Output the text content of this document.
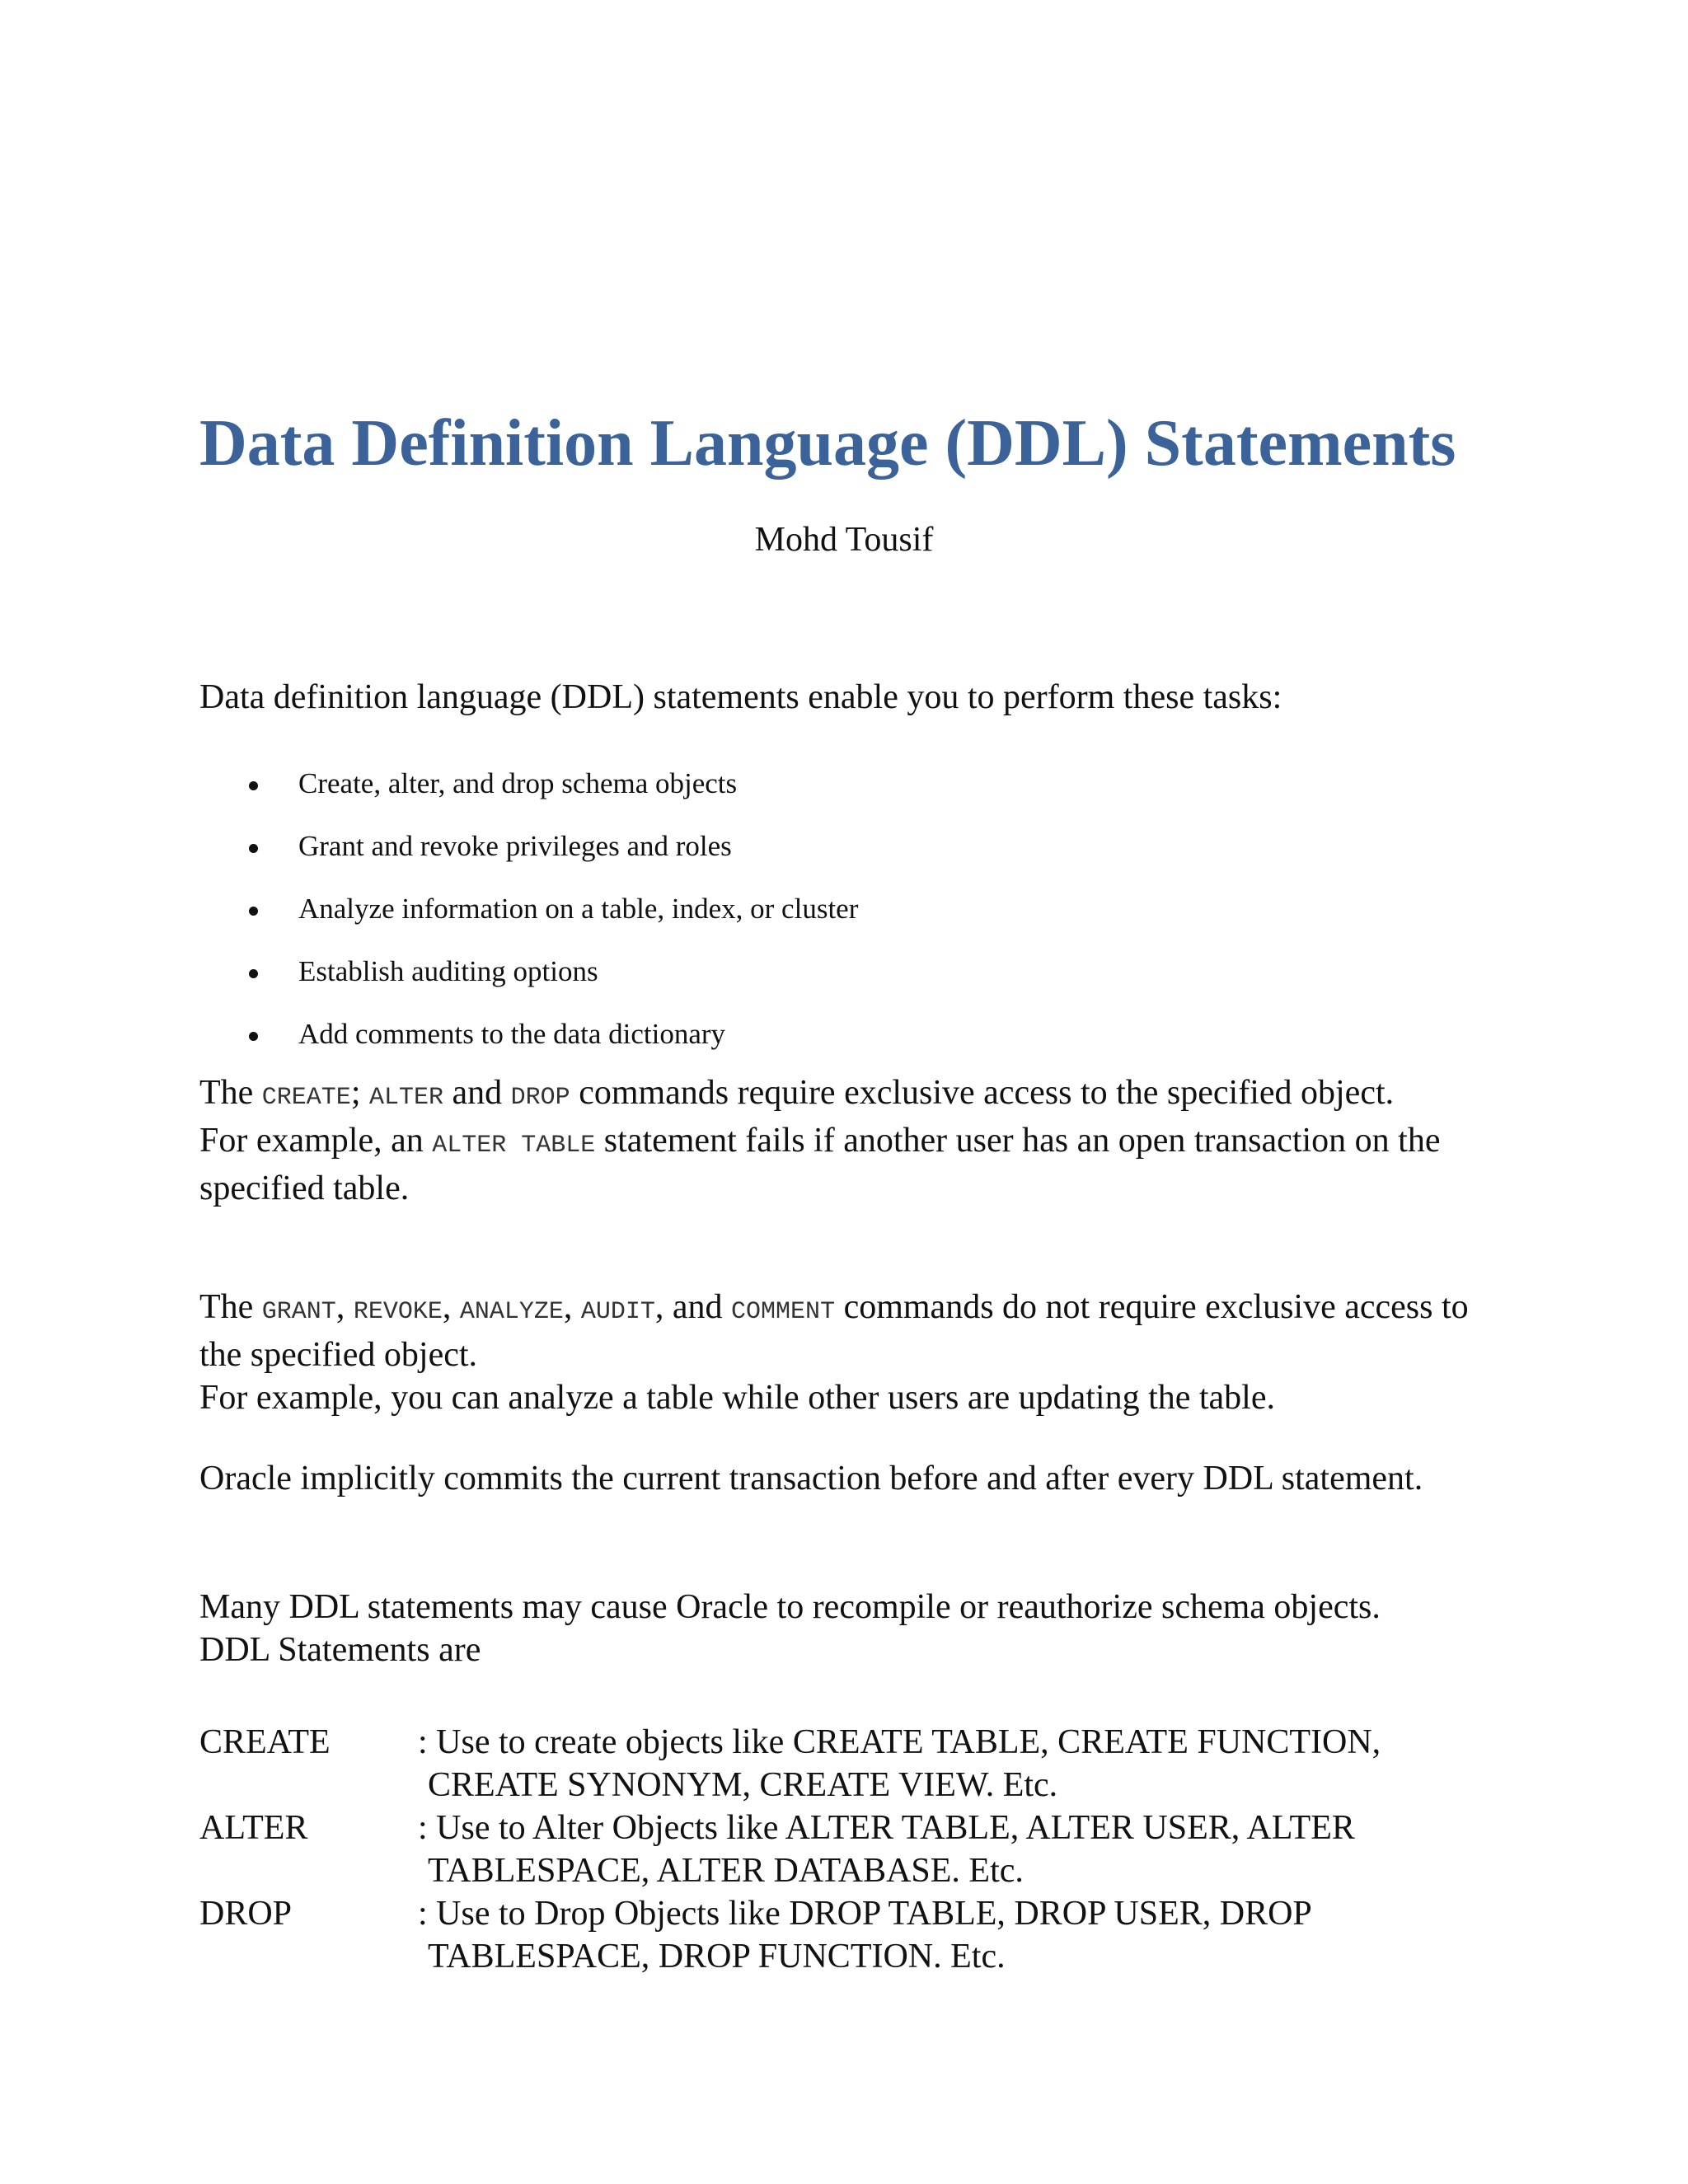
Data Definition Language (DDL) Statements
Mohd Tousif

Data definition language (DDL) statements enable you to perform these tasks:

Create, alter, and drop schema objects
Grant and revoke privileges and roles
Analyze information on a table, index, or cluster
Establish auditing options
Add comments to the data dictionary

The CREATE; ALTER and DROP commands require exclusive access to the specified object.
For example, an ALTER TABLE statement fails if another user has an open transaction on the specified table.

The GRANT, REVOKE, ANALYZE, AUDIT, and COMMENT commands do not require exclusive access to the specified object.
For example, you can analyze a table while other users are updating the table.

Oracle implicitly commits the current transaction before and after every DDL statement.

Many DDL statements may cause Oracle to recompile or reauthorize schema objects.
DDL Statements are

CREATE	: Use to create objects like CREATE TABLE, CREATE FUNCTION,
CREATE SYNONYM, CREATE VIEW. Etc.
ALTER	: Use to Alter Objects like ALTER TABLE, ALTER USER, ALTER
TABLESPACE, ALTER DATABASE. Etc.
DROP	: Use to Drop Objects like DROP TABLE, DROP USER, DROP
TABLESPACE, DROP FUNCTION. Etc.
